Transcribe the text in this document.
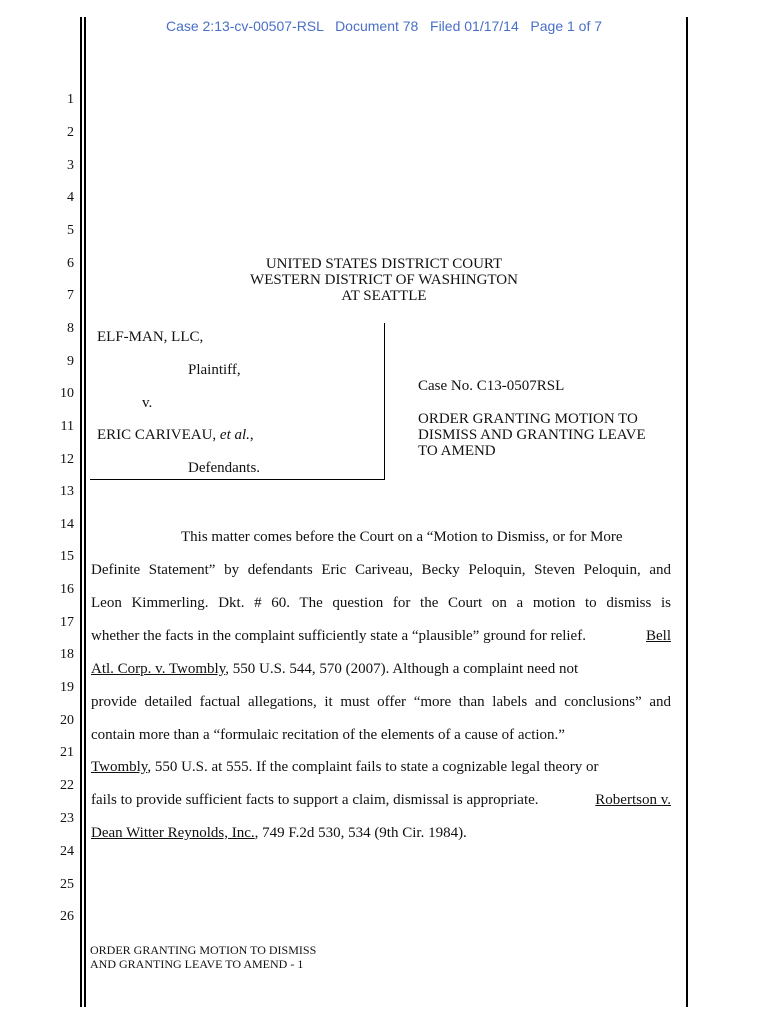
Case 2:13-cv-00507-RSL   Document 78   Filed 01/17/14   Page 1 of 7
1
2
3
4
5
6
7
8
9
10
11
12
13
14
15
16
17
18
19
20
21
22
23
24
25
26
UNITED STATES DISTRICT COURT
WESTERN DISTRICT OF WASHINGTON
AT SEATTLE
ELF-MAN, LLC,
Plaintiff,
v.
ERIC CARIVEAU, et al.,
Defendants.
Case No. C13-0507RSL
ORDER GRANTING MOTION TO
DISMISS AND GRANTING LEAVE
TO AMEND
This matter comes before the Court on a “Motion to Dismiss, or for More
Definite Statement” by defendants Eric Cariveau, Becky Peloquin, Steven Peloquin, and
Leon Kimmerling. Dkt. # 60. The question for the Court on a motion to dismiss is
whether the facts in the complaint sufficiently state a “plausible” ground for relief.	Bell
Atl. Corp. v. Twombly, 550 U.S. 544, 570 (2007). Although a complaint need not
provide detailed factual allegations, it must offer “more than labels and conclusions” and
contain more than a “formulaic recitation of the elements of a cause of action.”
Twombly, 550 U.S. at 555. If the complaint fails to state a cognizable legal theory or
fails to provide sufficient facts to support a claim, dismissal is appropriate.	Robertson v.
Dean Witter Reynolds, Inc., 749 F.2d 530, 534 (9th Cir. 1984).
ORDER GRANTING MOTION TO DISMISS
AND GRANTING LEAVE TO AMEND - 1
